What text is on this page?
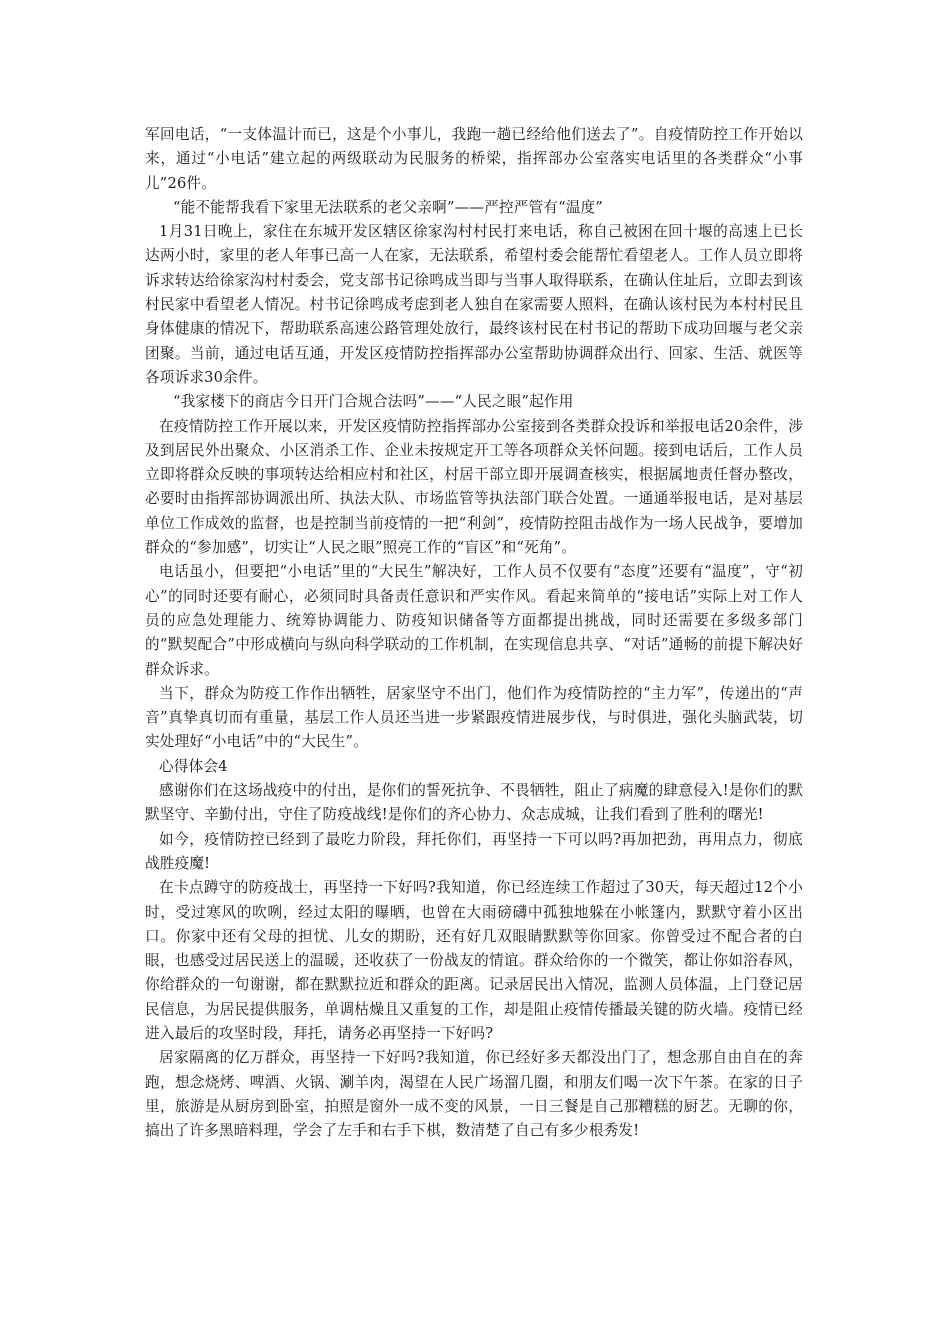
军回电话，“一支体温计而已，这是个小事儿，我跑一趟已经给他们送去了”。自疫情防控工作开始以来，通过“小电话”建立起的两级联动为民服务的桥梁，指挥部办公室落实电话里的各类群众“小事儿”26件。

“能不能帮我看下家里无法联系的老父亲啊”——严控严管有“温度”

1月31日晚上，家住在东城开发区辖区徐家沟村村民打来电话，称自己被困在回十堰的高速上已长达两小时，家里的老人年事已高一人在家，无法联系，希望村委会能帮忙看望老人。工作人员立即将诉求转达给徐家沟村村委会，党支部书记徐鸣成当即与当事人取得联系，在确认住址后，立即去到该村民家中看望老人情况。村书记徐鸣成考虑到老人独自在家需要人照料，在确认该村民为本村村民且身体健康的情况下，帮助联系高速公路管理处放行，最终该村民在村书记的帮助下成功回堰与老父亲团聚。当前，通过电话互通，开发区疫情防控指挥部办公室帮助协调群众出行、回家、生活、就医等各项诉求30余件。

“我家楼下的商店今日开门合规合法吗”——“人民之眼”起作用

在疫情防控工作开展以来，开发区疫情防控指挥部办公室接到各类群众投诉和举报电话20余件，涉及到居民外出聚众、小区消杀工作、企业未按规定开工等各项群众关怀问题。接到电话后，工作人员立即将群众反映的事项转达给相应村和社区，村居干部立即开展调查核实，根据属地责任督办整改，必要时由指挥部协调派出所、执法大队、市场监管等执法部门联合处置。一通通举报电话，是对基层单位工作成效的监督，也是控制当前疫情的一把“利剑”，疫情防控阻击战作为一场人民战争，要增加群众的“参加感”，切实让“人民之眼”照亮工作的“盲区”和“死角”。

电话虽小，但要把“小电话”里的“大民生”解决好，工作人员不仅要有“态度”还要有“温度”，守“初心”的同时还要有耐心，必须同时具备责任意识和严实作风。看起来简单的“接电话”实际上对工作人员的应急处理能力、统筹协调能力、防疫知识储备等方面都提出挑战，同时还需要在多级多部门的“默契配合”中形成横向与纵向科学联动的工作机制，在实现信息共享、“对话”通畅的前提下解决好群众诉求。

当下，群众为防疫工作作出牺牲，居家坚守不出门，他们作为疫情防控的“主力军”，传递出的“声音”真挚真切而有重量，基层工作人员还当进一步紧跟疫情进展步伐，与时俱进，强化头脑武装，切实处理好“小电话”中的“大民生”。

心得体会4

感谢你们在这场战疫中的付出，是你们的誓死抗争、不畏牺牲，阻止了病魔的肆意侵入!是你们的默默坚守、辛勤付出，守住了防疫战线!是你们的齐心协力、众志成城，让我们看到了胜利的曙光!

如今，疫情防控已经到了最吃力阶段，拜托你们，再坚持一下可以吗?再加把劲，再用点力，彻底战胜疫魔!

在卡点蹲守的防疫战士，再坚持一下好吗?我知道，你已经连续工作超过了30天，每天超过12个小时，受过寒风的吹咧，经过太阳的曝晒，也曾在大雨磅礴中孤独地躲在小帐篷内，默默守着小区出口。你家中还有父母的担忧、儿女的期盼，还有好几双眼睛默默等你回家。你曾受过不配合者的白眼，也感受过居民送上的温暖，还收获了一份战友的情谊。群众给你的一个微笑，都让你如浴春风，你给群众的一句谢谢，都在默默拉近和群众的距离。记录居民出入情况，监测人员体温，上门登记居民信息，为居民提供服务，单调枯燥且又重复的工作，却是阻止疫情传播最关键的防火墙。疫情已经进入最后的攻坚时段，拜托，请务必再坚持一下好吗?

居家隔离的亿万群众，再坚持一下好吗?我知道，你已经好多天都没出门了，想念那自由自在的奔跑，想念烧烤、啤酒、火锅、涮羊肉，渴望在人民广场溜几圈，和朋友们喝一次下午茶。在家的日子里，旅游是从厨房到卧室，拍照是窗外一成不变的风景，一日三餐是自己那糟糕的厨艺。无聊的你，搞出了许多黑暗料理，学会了左手和右手下棋，数清楚了自己有多少根秀发!
